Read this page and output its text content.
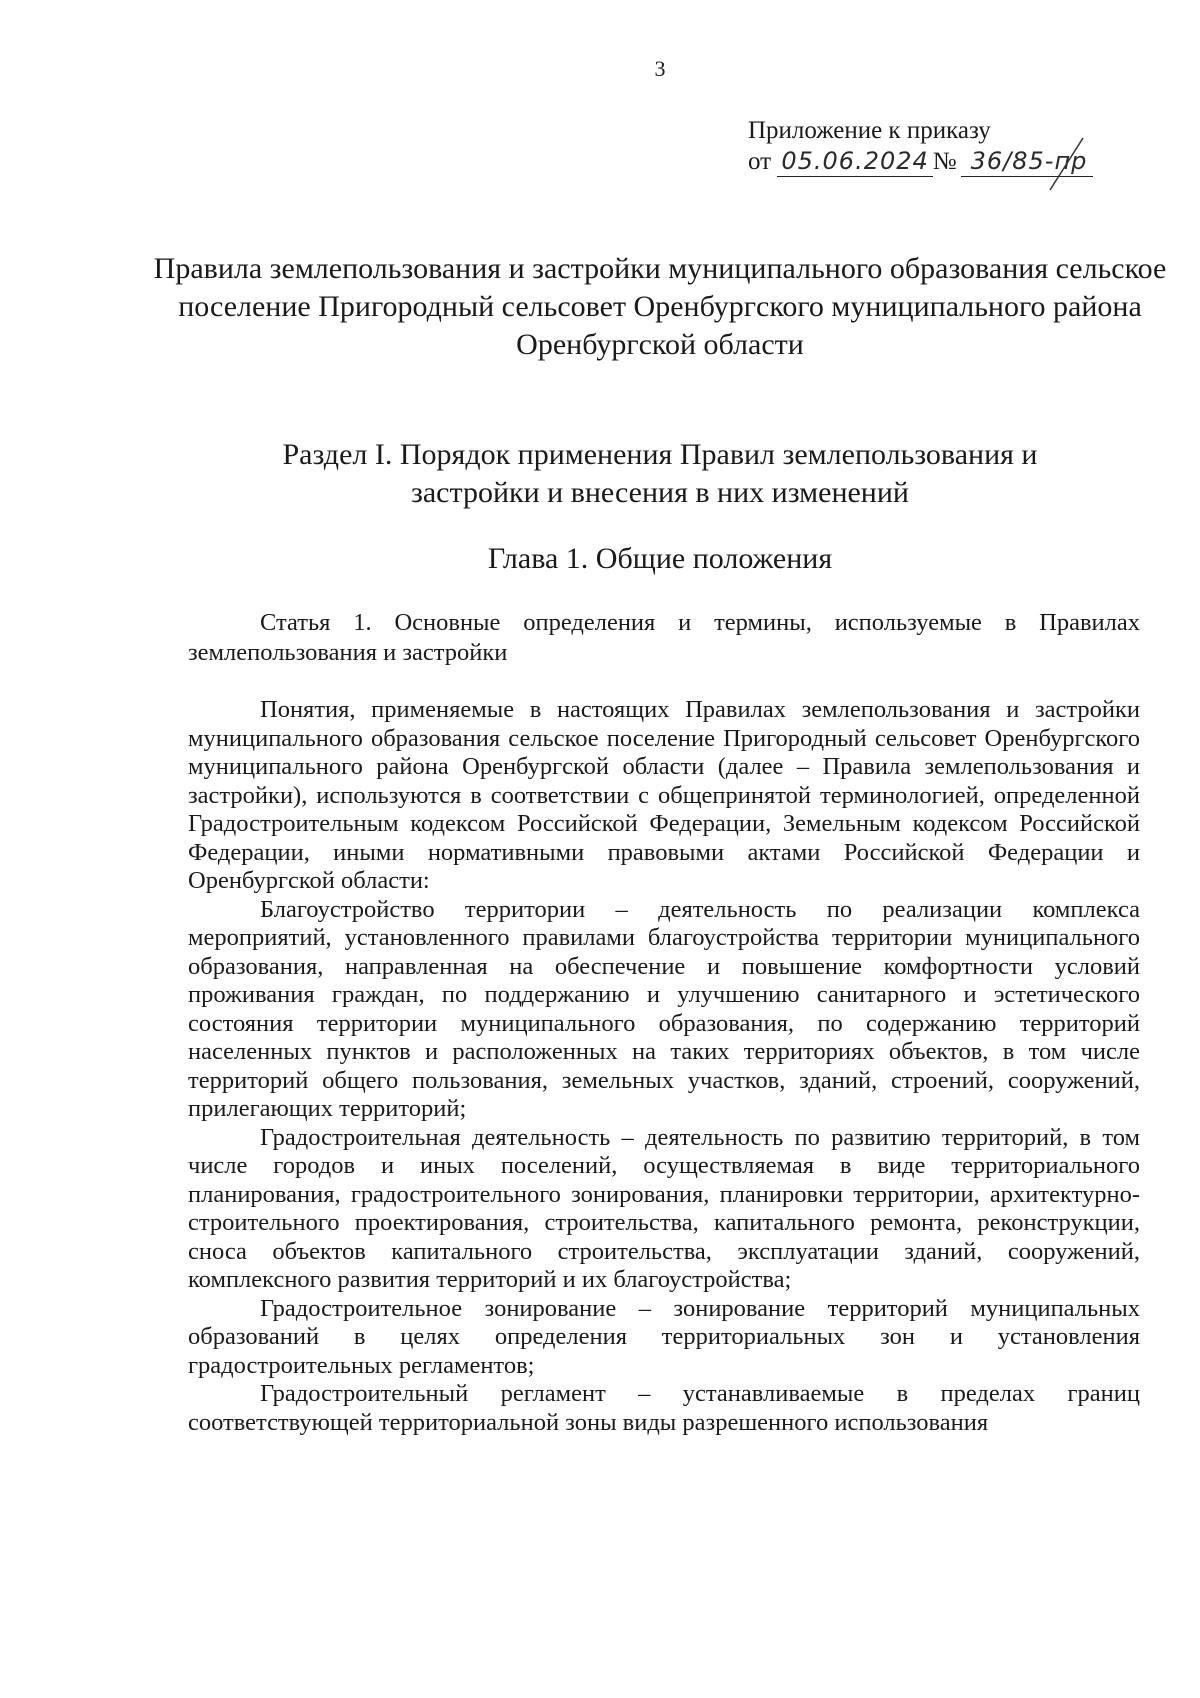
3
Приложение к приказу
от 05.06.2024 № 36/85-пр
Правила землепользования и застройки муниципального образования сельское поселение Пригородный сельсовет Оренбургского муниципального района Оренбургской области
Раздел I. Порядок применения Правил землепользования и
застройки и внесения в них изменений
Глава 1. Общие положения
Статья 1. Основные определения и термины, используемые в Правилах землепользования и застройки

Понятия, применяемые в настоящих Правилах землепользования и застройки муниципального образования сельское поселение Пригородный сельсовет Оренбургского муниципального района Оренбургской области (далее – Правила землепользования и застройки), используются в соответствии с общепринятой терминологией, определенной Градостроительным кодексом Российской Федерации, Земельным кодексом Российской Федерации, иными нормативными правовыми актами Российской Федерации и Оренбургской области:

Благоустройство территории – деятельность по реализации комплекса мероприятий, установленного правилами благоустройства территории муниципального образования, направленная на обеспечение и повышение комфортности условий проживания граждан, по поддержанию и улучшению санитарного и эстетического состояния территории муниципального образования, по содержанию территорий населенных пунктов и расположенных на таких территориях объектов, в том числе территорий общего пользования, земельных участков, зданий, строений, сооружений, прилегающих территорий;

Градостроительная деятельность – деятельность по развитию территорий, в том числе городов и иных поселений, осуществляемая в виде территориального планирования, градостроительного зонирования, планировки территории, архитектурно-строительного проектирования, строительства, капитального ремонта, реконструкции, сноса объектов капитального строительства, эксплуатации зданий, сооружений, комплексного развития территорий и их благоустройства;

Градостроительное зонирование – зонирование территорий муниципальных образований в целях определения территориальных зон и установления градостроительных регламентов;

Градостроительный регламент – устанавливаемые в пределах границ соответствующей территориальной зоны виды разрешенного использования
